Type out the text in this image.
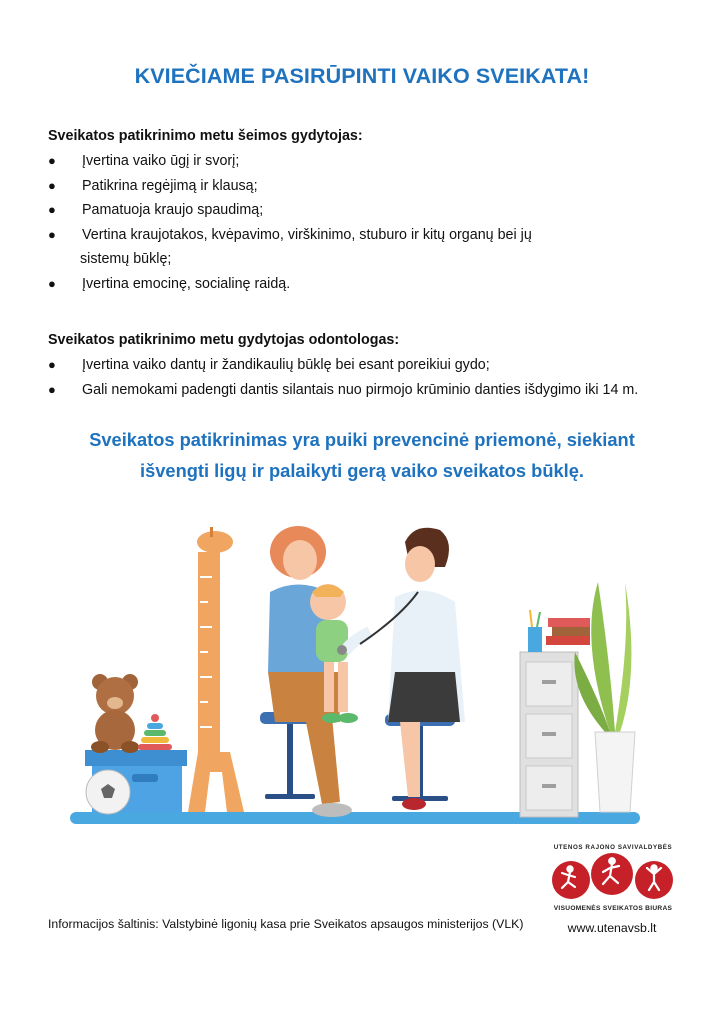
KVIEČIAME PASIRŪPINTI VAIKO SVEIKATA!
Sveikatos patikrinimo metu šeimos gydytojas:
● Įvertina vaiko ūgį ir svorį;
● Patikrina regėjimą ir klausą;
● Pamatuoja kraujo spaudimą;
● Vertina kraujotakos, kvėpavimo, virškinimo, stuburo ir kitų organų bei jų
sistemų būklę;
● Įvertina emocinę, socialinę raidą.
Sveikatos patikrinimo metu gydytojas odontologas:
● Įvertina vaiko dantų ir žandikaulių būklę bei esant poreikiui gydo;
● Gali nemokami padengti dantis silantais nuo pirmojo krūminio danties išdygimo iki 14 m.
Sveikatos patikrinimas yra puiki prevencinė priemonė, siekiant
išvengti ligų ir palaikyti gerą vaiko sveikatos būklę.
Informacijos šaltinis: Valstybinė ligonių kasa prie Sveikatos apsaugos ministerijos (VLK)
UTENOS RAJONO SAVIVALDYBĖS
VISUOMENĖS SVEIKATOS BIURAS
www.utenavsb.lt
